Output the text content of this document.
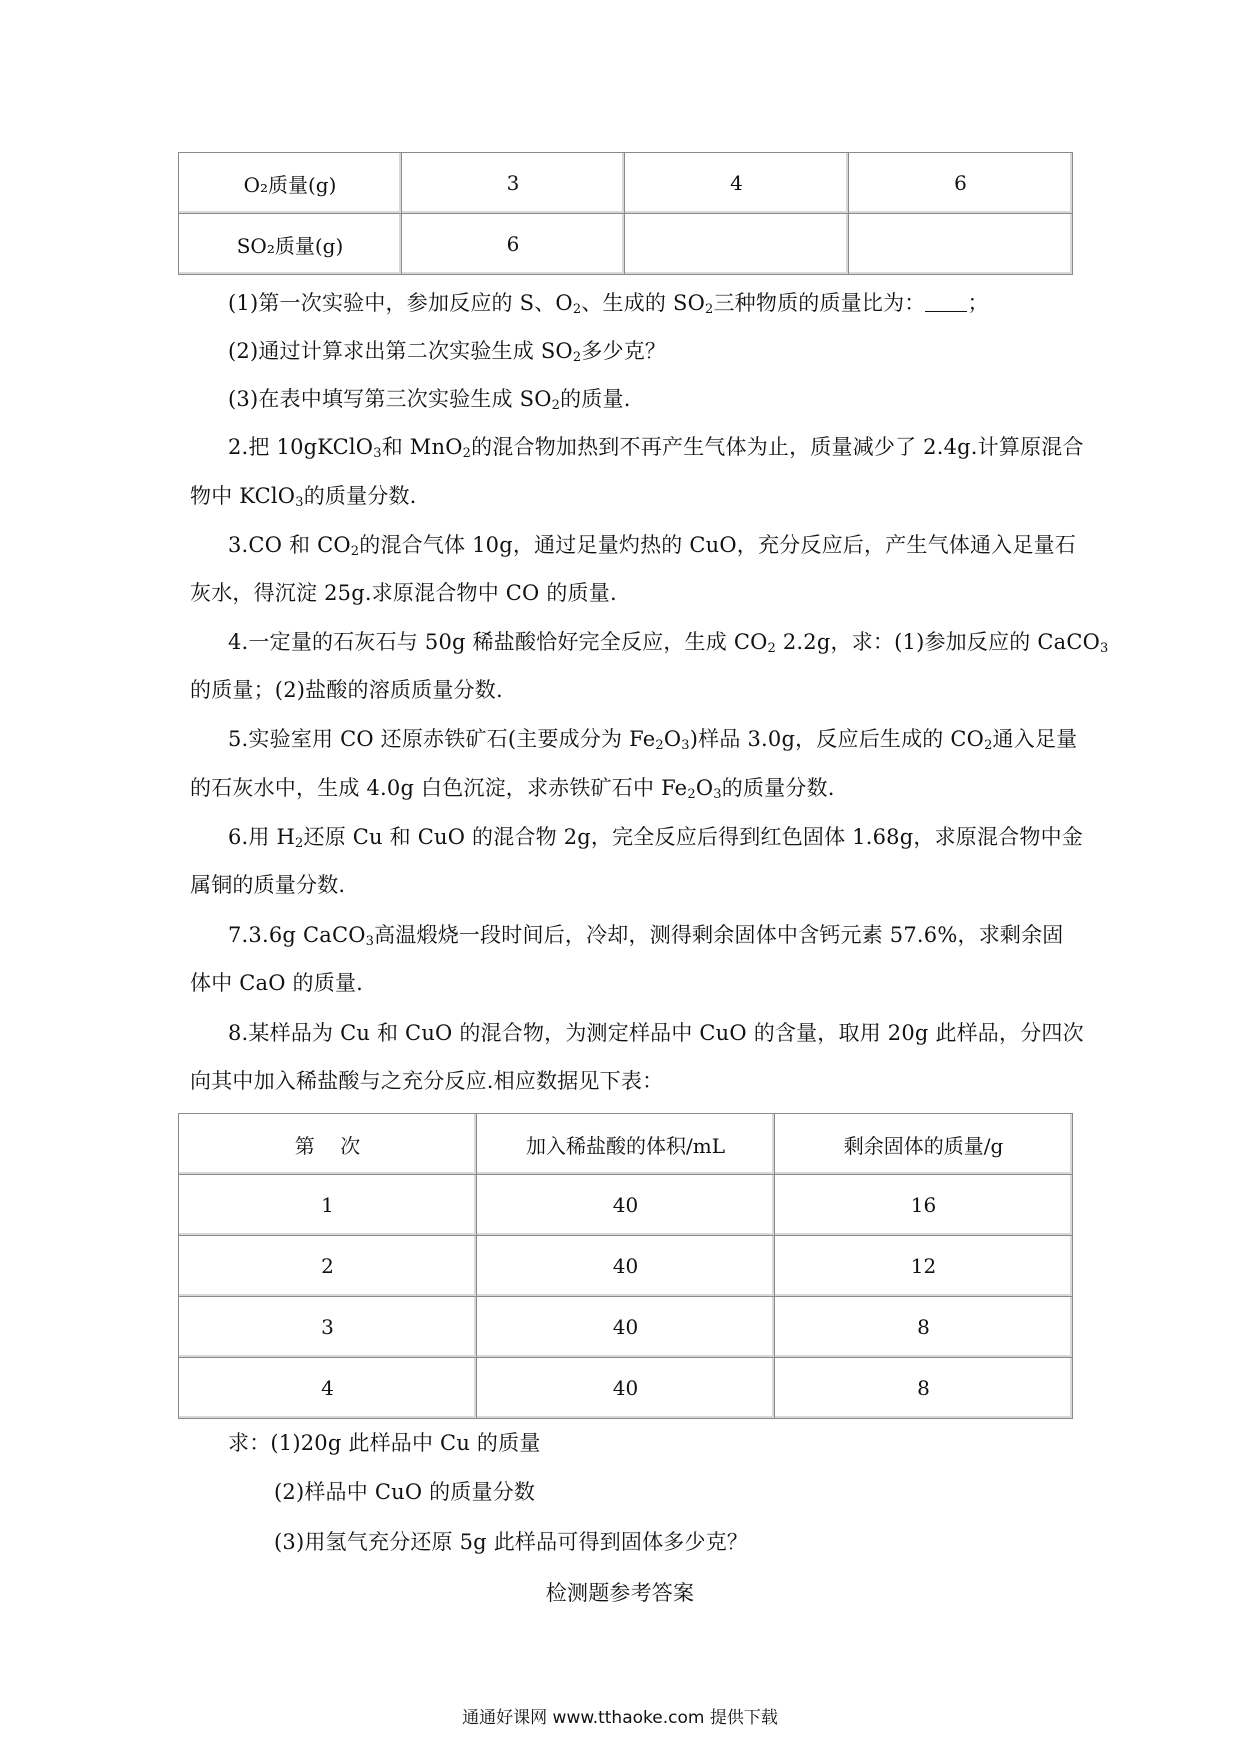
O₂质量(g)	3	4	6
SO₂质量(g)	6		
(1)第一次实验中，参加反应的 S、$O_2$、生成的 $SO_2$三种物质的质量比为： ；
(2)通过计算求出第二次实验生成 $SO_2$多少克？
(3)在表中填写第三次实验生成 $SO_2$的质量.
2.把 10gKClO$_3$和 MnO$_2$的混合物加热到不再产生气体为止，质量减少了 2.4g.计算原混合
物中 KClO$_3$的质量分数.
3.CO 和 $CO_2$的混合气体 10g，通过足量灼热的 CuO，充分反应后，产生气体通入足量石
灰水，得沉淀 25g.求原混合物中 CO 的质量.
4.一定量的石灰石与 50g 稀盐酸恰好完全反应，生成 $CO_2$ 2.2g，求：(1)参加反应的 CaCO$_3$
的质量；(2)盐酸的溶质质量分数.
5.实验室用 CO 还原赤铁矿石(主要成分为 $Fe_2O_3$)样品 3.0g，反应后生成的 $CO_2$通入足量
的石灰水中，生成 4.0g 白色沉淀，求赤铁矿石中 $Fe_2O_3$的质量分数.
6.用 $H_2$还原 Cu 和 CuO 的混合物 2g，完全反应后得到红色固体 1.68g，求原混合物中金
属铜的质量分数.
7.3.6g CaCO$_3$高温煅烧一段时间后，冷却，测得剩余固体中含钙元素 57.6%，求剩余固
体中 CaO 的质量.
8.某样品为 Cu 和 CuO 的混合物，为测定样品中 CuO 的含量，取用 20g 此样品，分四次
向其中加入稀盐酸与之充分反应.相应数据见下表：
第    次	加入稀盐酸的体积/mL	剩余固体的质量/g
1	40	16
2	40	12
3	40	8
4	40	8
求：(1)20g 此样品中 Cu 的质量
(2)样品中 CuO 的质量分数
(3)用氢气充分还原 5g 此样品可得到固体多少克？
检测题参考答案
通通好课网 www.tthaoke.com 提供下载
